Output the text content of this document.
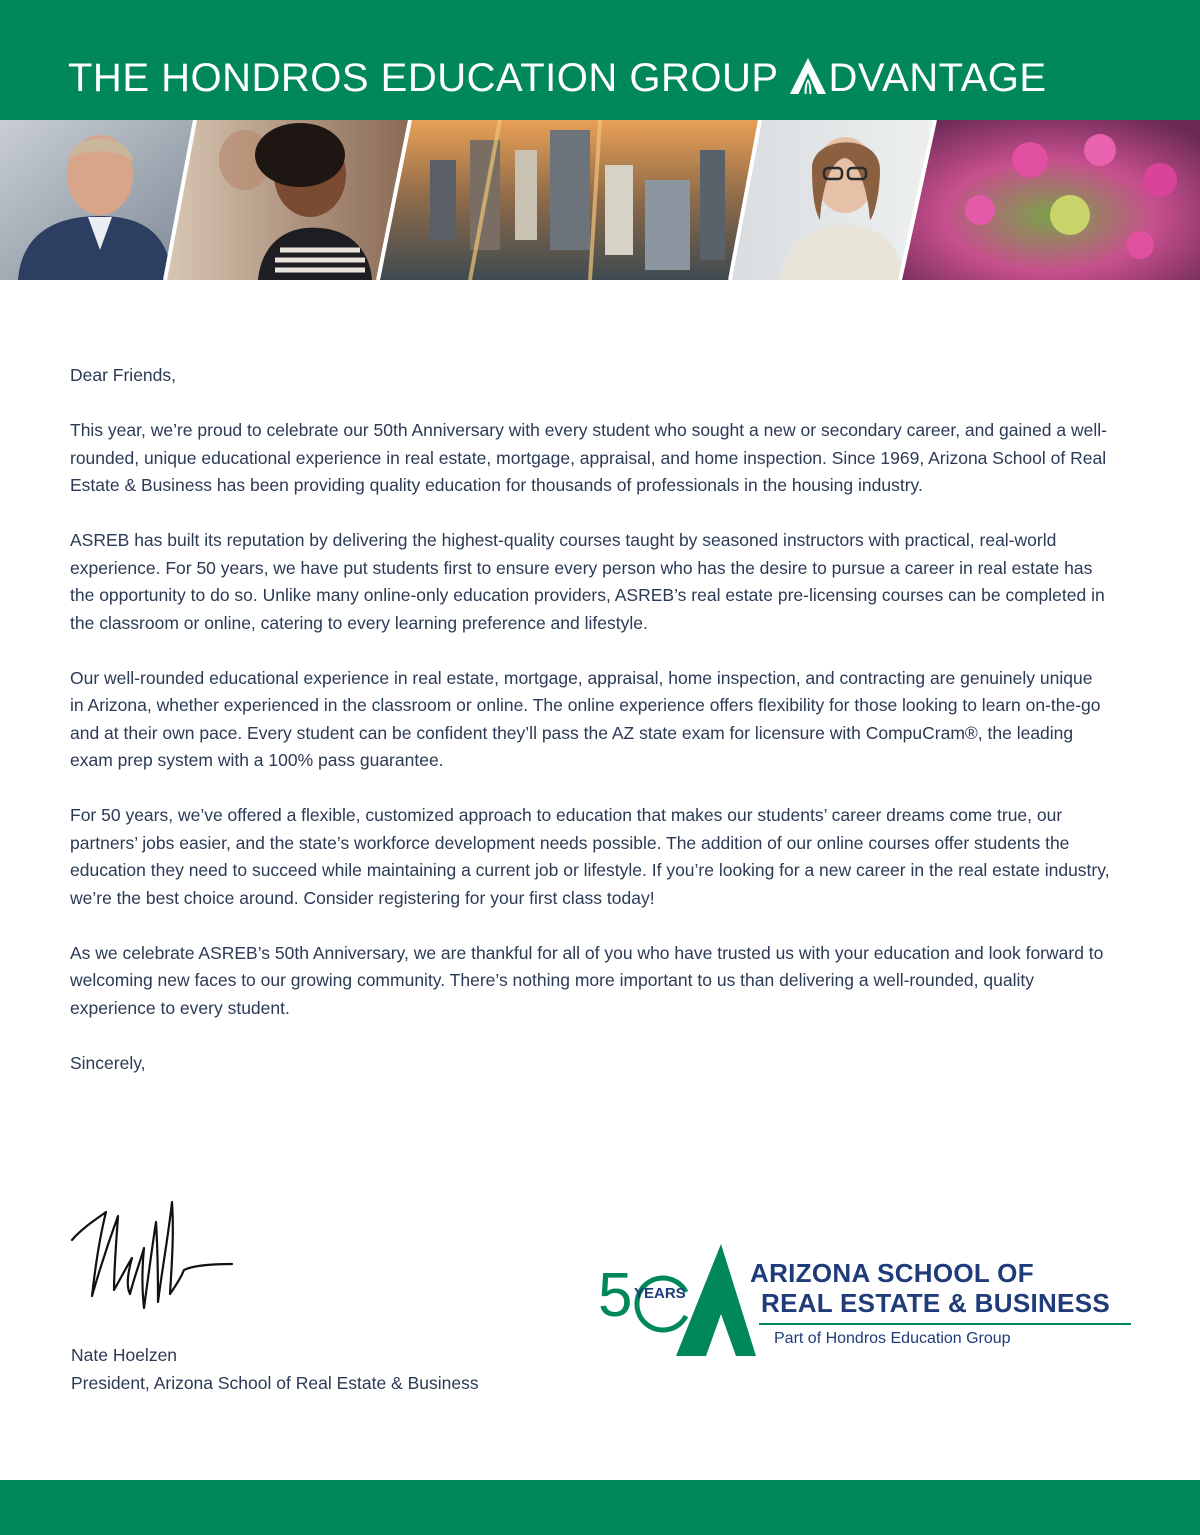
THE HONDROS EDUCATION GROUP DVANTAGE

Dear Friends,

This year, we’re proud to celebrate our 50th Anniversary with every student who sought a new or secondary career, and gained a well-rounded, unique educational experience in real estate, mortgage, appraisal, and home inspection. Since 1969, Arizona School of Real Estate & Business has been providing quality education for thousands of professionals in the housing industry.

ASREB has built its reputation by delivering the highest-quality courses taught by seasoned instructors with practical, real-world experience. For 50 years, we have put students first to ensure every person who has the desire to pursue a career in real estate has the opportunity to do so. Unlike many online-only education providers, ASREB’s real estate pre-licensing courses can be completed in the classroom or online, catering to every learning preference and lifestyle.

Our well-rounded educational experience in real estate, mortgage, appraisal, home inspection, and contracting are genuinely unique in Arizona, whether experienced in the classroom or online. The online experience offers flexibility for those looking to learn on-the-go and at their own pace. Every student can be confident they’ll pass the AZ state exam for licensure with CompuCram®, the leading exam prep system with a 100% pass guarantee.

For 50 years, we’ve offered a flexible, customized approach to education that makes our students’ career dreams come true, our partners’ jobs easier, and the state’s workforce development needs possible. The addition of our online courses offer students the education they need to succeed while maintaining a current job or lifestyle. If you’re looking for a new career in the real estate industry, we’re the best choice around. Consider registering for your first class today!

As we celebrate ASREB’s 50th Anniversary, we are thankful for all of you who have trusted us with your education and look forward to welcoming new faces to our growing community. There’s nothing more important to us than delivering a well-rounded, quality experience to every student.

Sincerely,

Nate Hoelzen
President, Arizona School of Real Estate & Business
5 YEARS
ARIZONA SCHOOL OF
REAL ESTATE & BUSINESS
Part of Hondros Education Group
